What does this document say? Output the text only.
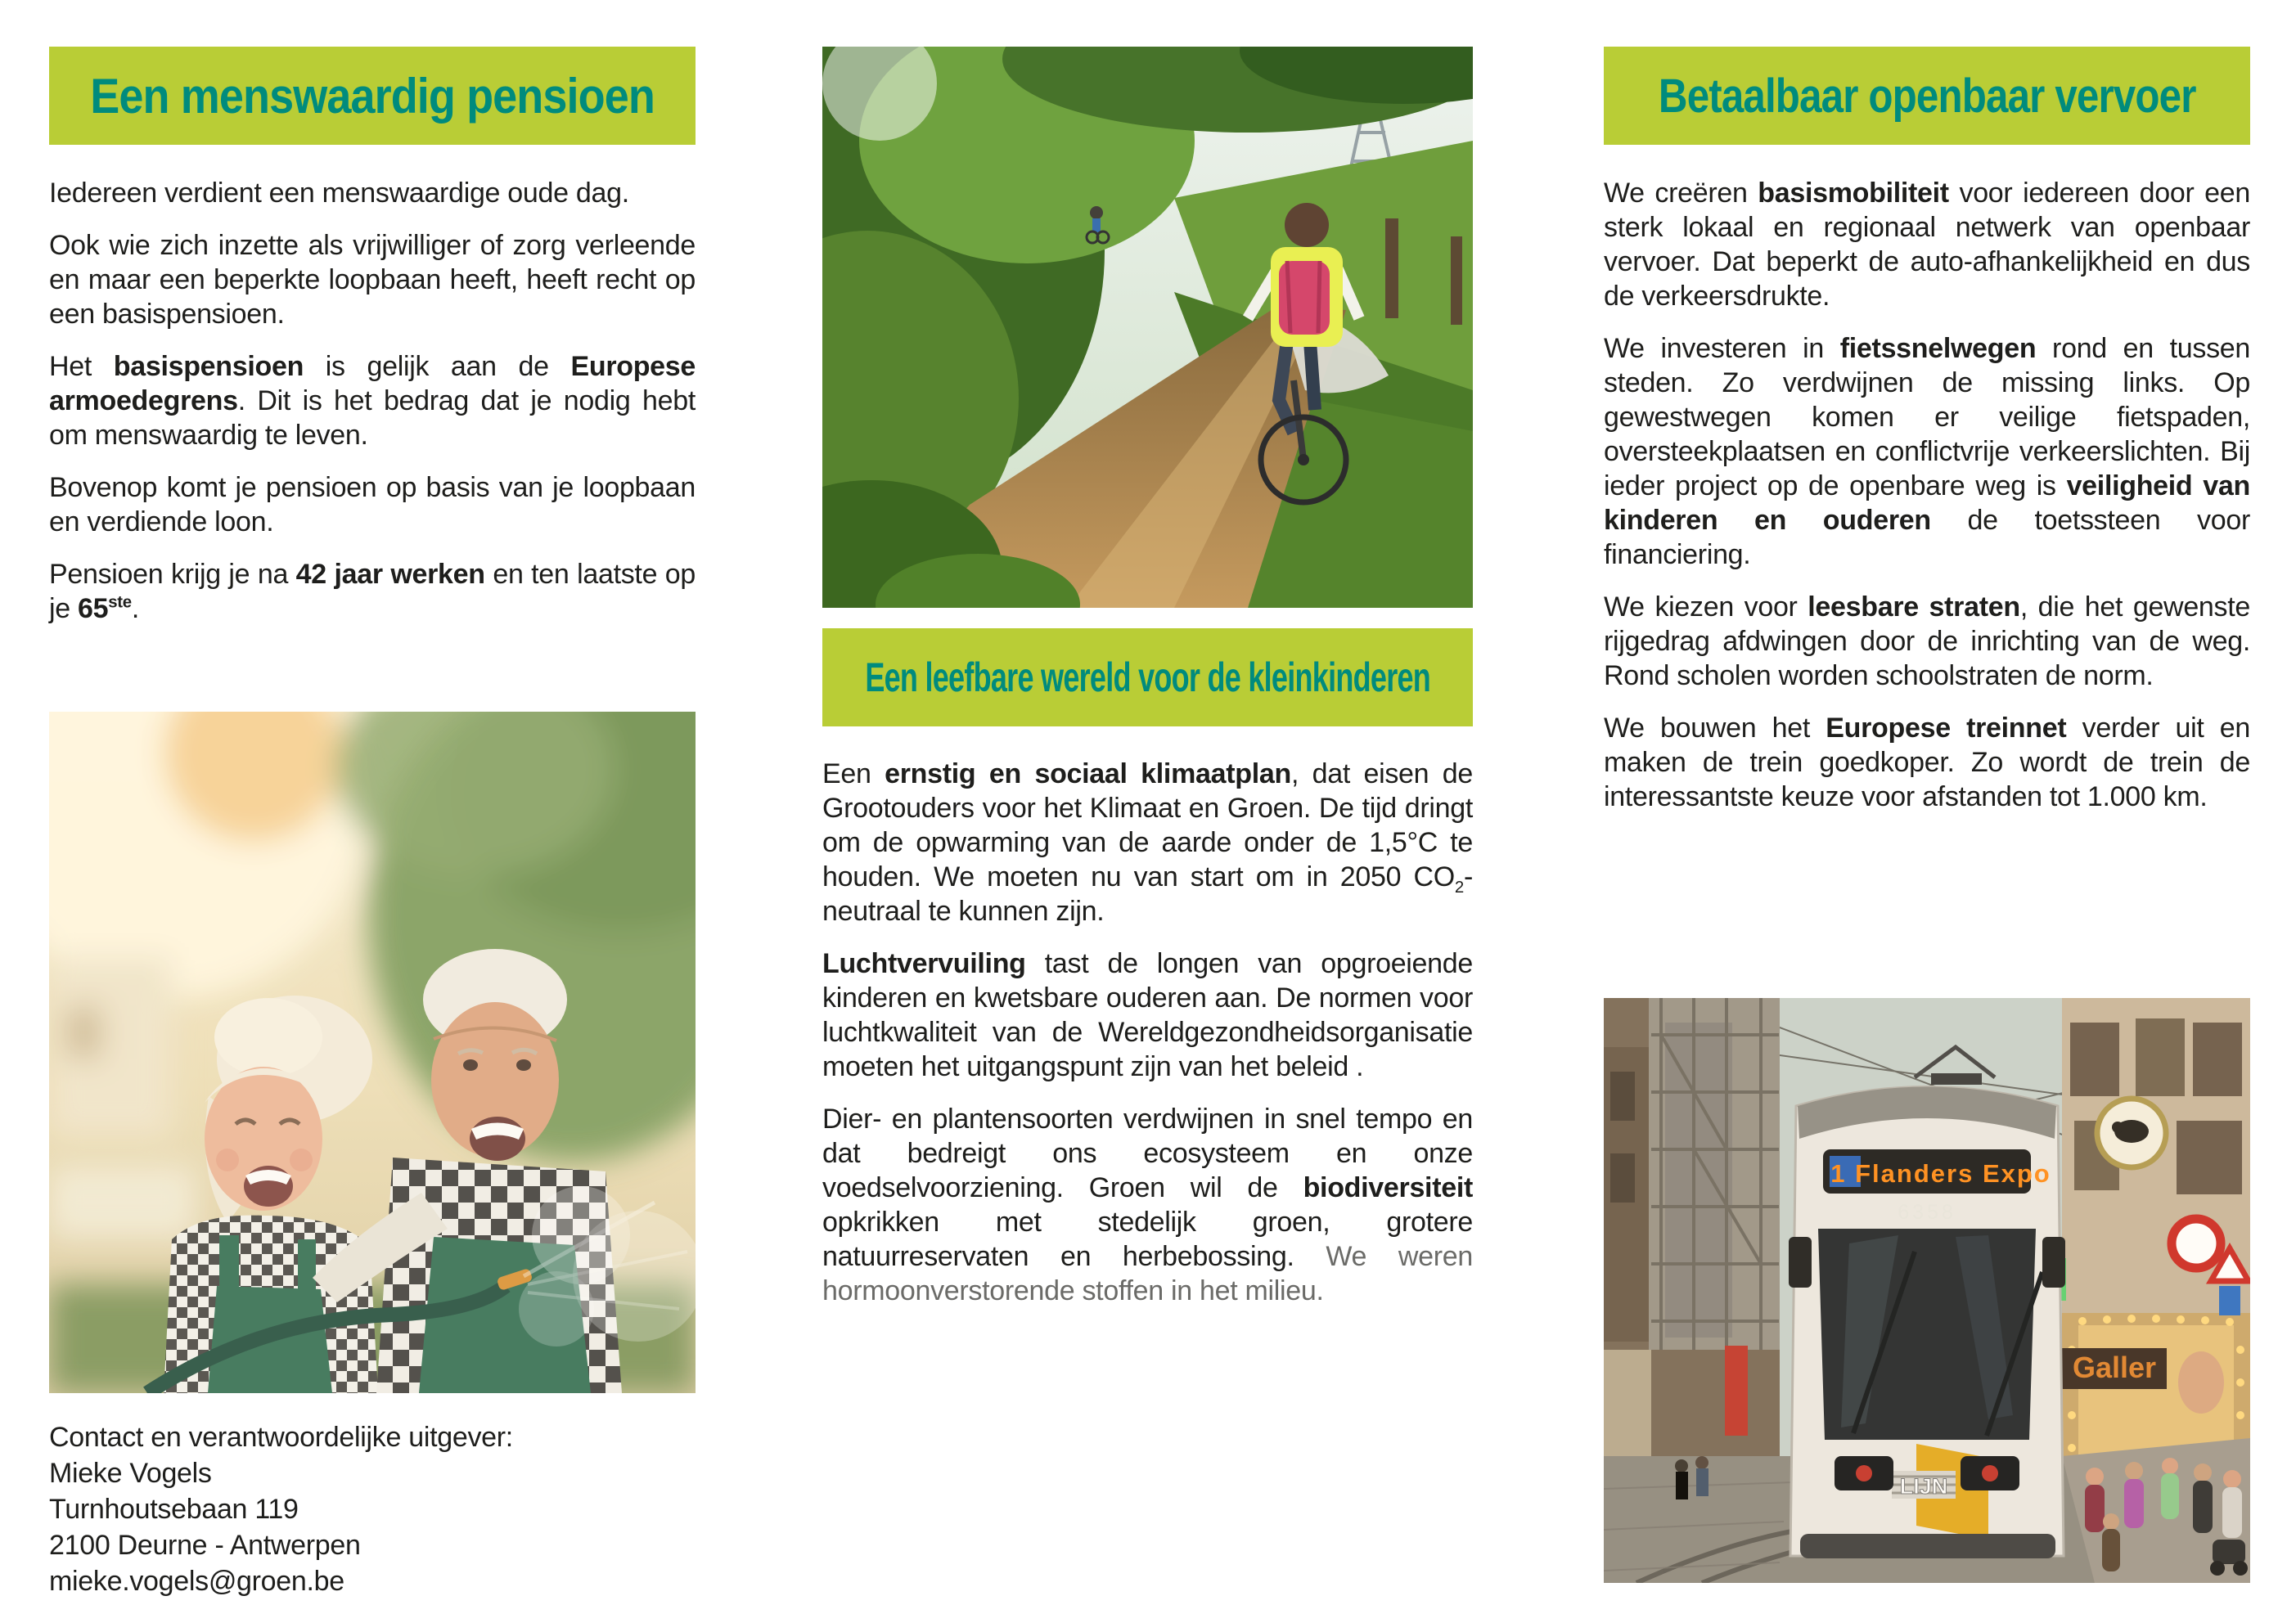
Een menswaardig pensioen

Iedereen verdient een menswaardige oude dag.

Ook wie zich inzette als vrijwilliger of zorg verleende en maar een beperkte loopbaan heeft, heeft recht op een basispensioen.

Het basispensioen is gelijk aan de Europese armoedegrens. Dit is het bedrag dat je nodig hebt om menswaardig te leven.

Bovenop komt je pensioen op basis van je loopbaan en verdiende loon.

Pensioen krijg je na 42 jaar werken en ten laatste op je 65ste.

Contact en verantwoordelijke uitgever:
Mieke Vogels
Turnhoutsebaan 119
2100 Deurne - Antwerpen
mieke.vogels@groen.be
Een leefbare wereld voor de kleinkinderen

Een ernstig en sociaal klimaatplan, dat eisen de Grootouders voor het Klimaat en Groen. De tijd dringt om de opwarming van de aarde onder de 1,5°C te houden. We moeten nu van start om in 2050 $CO_2$-neutraal te kunnen zijn.

Luchtvervuiling tast de longen van opgroeiende kinderen en kwetsbare ouderen aan. De normen voor luchtkwaliteit van de Wereldgezondheidsorganisatie moeten het uitgangspunt zijn van het beleid .

Dier- en plantensoorten verdwijnen in snel tempo en dat bedreigt ons ecosysteem en onze voedselvoorziening. Groen wil de biodiversiteit opkrikken met stedelijk groen, grotere natuurreservaten en herbebossing. We weren hormoonverstorende stoffen in het milieu.

Betaalbaar openbaar vervoer

We creëren basismobiliteit voor iedereen door een sterk lokaal en regionaal netwerk van openbaar vervoer. Dat beperkt de auto-afhankelijkheid en dus de verkeersdrukte.

We investeren in fietssnelwegen rond en tussen steden. Zo verdwijnen de missing links. Op gewestwegen komen er veilige fietspaden, oversteekplaatsen en conflictvrije verkeerslichten. Bij ieder project op de openbare weg is veiligheid van kinderen en ouderen de toetssteen voor financiering.

We kiezen voor leesbare straten, die het gewenste rijgedrag afdwingen door de inrichting van de weg. Rond scholen worden schoolstraten de norm.

We bouwen het Europese treinnet verder uit en maken de trein goedkoper. Zo wordt de trein de interessantste keuze voor afstanden tot 1.000 km.

Galler
1 Flanders Expo
6358
LIJN
